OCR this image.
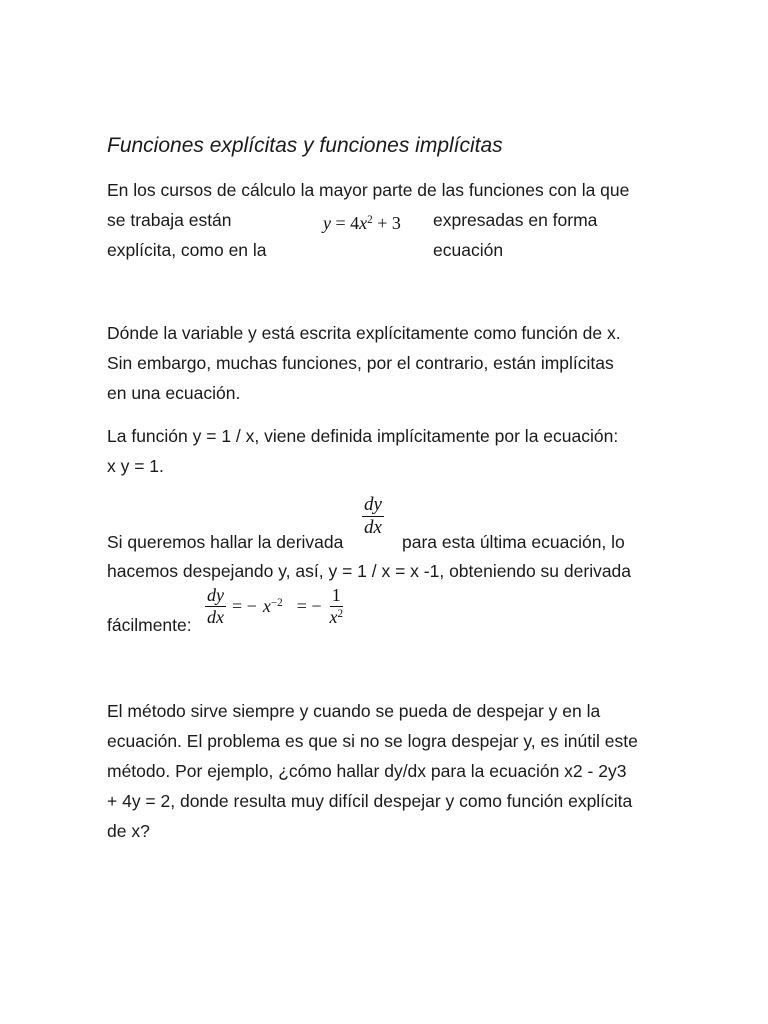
Funciones explícitas y funciones implícitas
En los cursos de cálculo la mayor parte de las funciones con la que
se trabaja están	expresadas en forma
explícita, como en la	ecuación
$y = 4x^2 + 3$
Dónde la variable y está escrita explícitamente como función de x.
Sin embargo, muchas funciones, por el contrario, están implícitas
en una ecuación.
La función y = 1 / x, viene definida implícitamente por la ecuación:
x y = 1.
$\frac{dy}{dx}$
Si queremos hallar la derivada	para esta última ecuación, lo
hacemos despejando y, así, y = 1 / x = x -1, obteniendo su derivada
fácilmente: $\frac{dy}{dx}$ = − $x^{-2}$ = − $\frac{1}{x^2}$
El método sirve siempre y cuando se pueda de despejar y en la
ecuación. El problema es que si no se logra despejar y, es inútil este
método. Por ejemplo, ¿cómo hallar dy/dx para la ecuación x2 - 2y3
+ 4y = 2, donde resulta muy difícil despejar y como función explícita
de x?
